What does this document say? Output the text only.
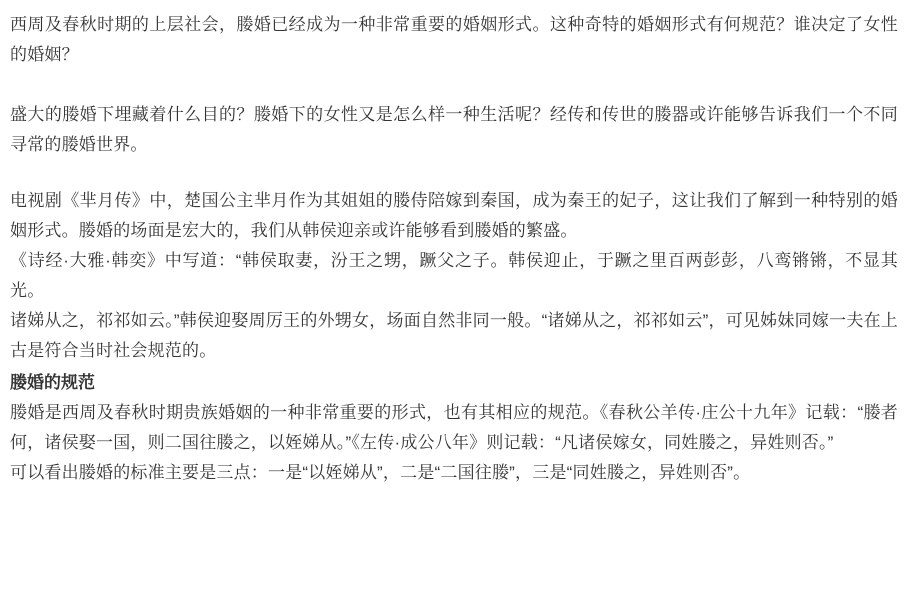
西周及春秋时期的上层社会，媵婚已经成为一种非常重要的婚姻形式。这种奇特的婚姻形式有何规范？谁决定了女性的婚姻？

盛大的媵婚下埋藏着什么目的？媵婚下的女性又是怎么样一种生活呢？经传和传世的媵器或许能够告诉我们一个不同寻常的媵婚世界。

电视剧《芈月传》中，楚国公主芈月作为其姐姐的媵侍陪嫁到秦国，成为秦王的妃子，这让我们了解到一种特别的婚姻形式。媵婚的场面是宏大的，我们从韩侯迎亲或许能够看到媵婚的繁盛。

《诗经·大雅·韩奕》中写道：“韩侯取妻，汾王之甥，蹶父之子。韩侯迎止，于蹶之里百两彭彭，八鸾锵锵，不显其光。

诸娣从之，祁祁如云。”韩侯迎娶周厉王的外甥女，场面自然非同一般。“诸娣从之，祁祁如云”，可见姊妹同嫁一夫在上古是符合当时社会规范的。

媵婚的规范

媵婚是西周及春秋时期贵族婚姻的一种非常重要的形式，也有其相应的规范。《春秋公羊传·庄公十九年》记载：“媵者何，诸侯娶一国，则二国往媵之，以姪娣从。”《左传·成公八年》则记载：“凡诸侯嫁女，同姓媵之，异姓则否。”

可以看出媵婚的标准主要是三点：一是“以姪娣从”，二是“二国往媵”，三是“同姓媵之，异姓则否”。
